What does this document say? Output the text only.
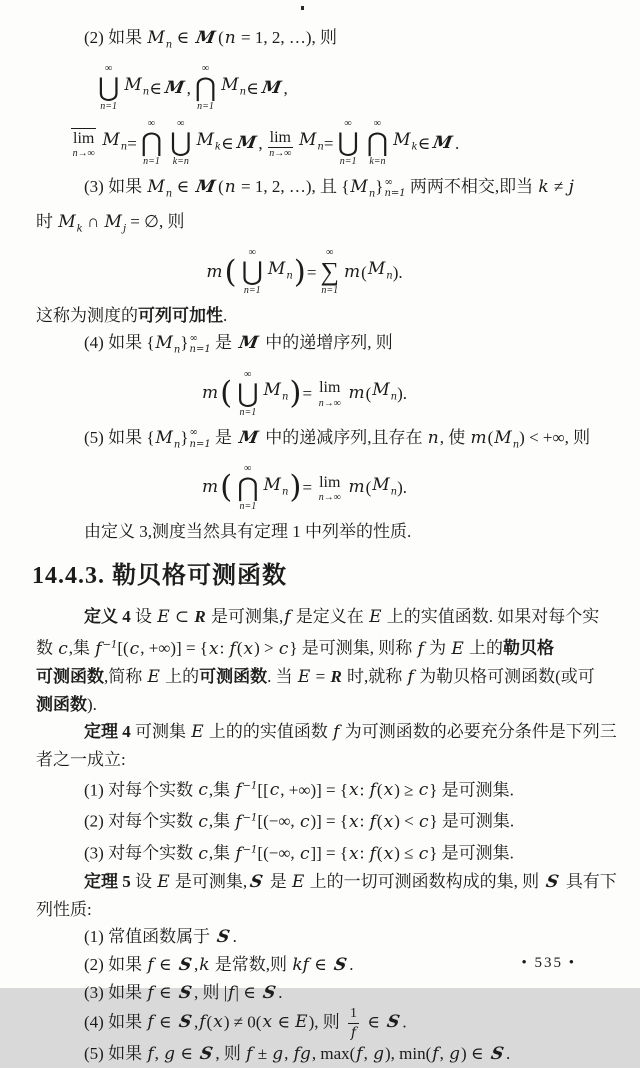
(2) 如果 $M_n$ ∈ M(n = 1, 2, …), 则
∞
⋃
n=1
$M_n$ ∈ M ,
∞
⋂
n=1
$M_n$ ∈ M ,
lim
n→∞
$M_n$ =
∞
⋂
n=1
∞
⋃
k=n
$M_k$ ∈ M , lim
n→∞
$M_n$ =
∞
⋃
n=1
∞
⋂
k=n
$M_k$ ∈ M .
(3) 如果 $M_n$ ∈ M(n = 1, 2, …), 且 $\{M_n\}$ ∞
n=1 两两不相交,即当 k ≠ j
时 $M_k$ ∩ $M_j$ = ∅, 则
m (
∞
⋃
n=1
$M_n$ ) =
∞
∑
n=1
m ( $M_n$ ).
这称为测度的可列可加性.
(4) 如果 $\{M_n\}$ ∞
n=1 是 M 中的递增序列, 则
m (
∞
⋃
n=1
$M_n$ ) = lim
n→∞
m ( $M_n$ ).
(5) 如果 $\{M_n\}$ ∞
n=1 是 M 中的递减序列,且存在 n, 使 $m(M_n)$ < +∞, 则
m (
∞
⋂
n=1
$M_n$ ) = lim
n→∞
m ( $M_n$ ).
由定义 3,测度当然具有定理 1 中列举的性质.
14.4.3. 勒贝格可测函数
定义 4 设 E ⊂ R 是可测集,f 是定义在 E 上的实值函数. 如果对每个实
数 c,集 $f^{-1}[(c$, +∞)] = {x: f(x) > c} 是可测集, 则称 f 为 E 上的勒贝格
可测函数,简称 E 上的可测函数. 当 E = R 时,就称 f 为勒贝格可测函数(或可
测函数).
定理 4 可测集 E 上的的实值函数 f 为可测函数的必要充分条件是下列三
者之一成立:
(1) 对每个实数 c,集 $f^{-1}[[c$, +∞)] = {x: f(x) ≥ c} 是可测集.
(2) 对每个实数 c,集 $f^{-1}[(-\infty$, c)] = {x: f(x) < c} 是可测集.
(3) 对每个实数 c,集 $f^{-1}[(-\infty$, c]] = {x: f(x) ≤ c} 是可测集.
定理 5 设 E 是可测集,S 是 E 上的一切可测函数构成的集, 则 S 具有下
列性质:
(1) 常值函数属于 S.
(2) 如果 f ∈ S,k 是常数,则 kf ∈ S.
(3) 如果 f ∈ S, 则 |f| ∈ S.
(4) 如果 f ∈ S,f(x) ≠ 0(x ∈ E), 则 $\frac{1}{f}$ ∈ S.
(5) 如果 f, g ∈ S, 则 f ± g, fg, max(f, g), min(f, g) ∈ S.
• 535 •
